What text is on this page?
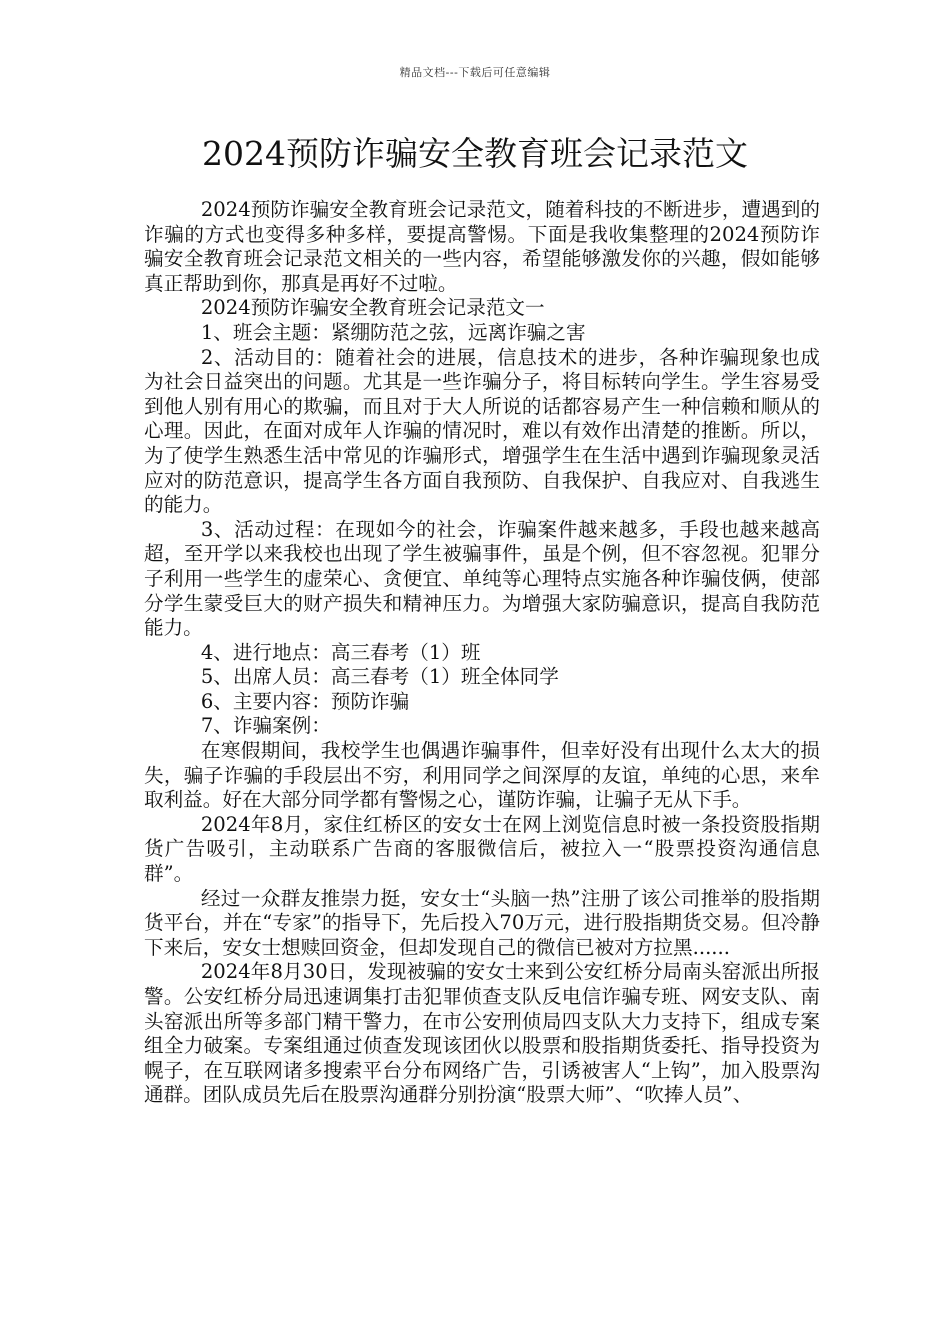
精品文档---下载后可任意编辑
2024预防诈骗安全教育班会记录范文

2024预防诈骗安全教育班会记录范文，随着科技的不断进步，遭遇到的诈骗的方式也变得多种多样，要提高警惕。下面是我收集整理的2024预防诈骗安全教育班会记录范文相关的一些内容，希望能够激发你的兴趣，假如能够真正帮助到你，那真是再好不过啦。

2024预防诈骗安全教育班会记录范文一

1、班会主题：紧绷防范之弦，远离诈骗之害

2、活动目的：随着社会的进展，信息技术的进步，各种诈骗现象也成为社会日益突出的问题。尤其是一些诈骗分子，将目标转向学生。学生容易受到他人别有用心的欺骗，而且对于大人所说的话都容易产生一种信赖和顺从的心理。因此，在面对成年人诈骗的情况时，难以有效作出清楚的推断。所以，为了使学生熟悉生活中常见的诈骗形式，增强学生在生活中遇到诈骗现象灵活应对的防范意识，提高学生各方面自我预防、自我保护、自我应对、自我逃生的能力。

3、活动过程：在现如今的社会，诈骗案件越来越多，手段也越来越高超，至开学以来我校也出现了学生被骗事件，虽是个例，但不容忽视。犯罪分子利用一些学生的虚荣心、贪便宜、单纯等心理特点实施各种诈骗伎俩，使部分学生蒙受巨大的财产损失和精神压力。为增强大家防骗意识，提高自我防范能力。

4、进行地点：高三春考（1）班

5、出席人员：高三春考（1）班全体同学

6、主要内容：预防诈骗

7、诈骗案例：

在寒假期间，我校学生也偶遇诈骗事件，但幸好没有出现什么太大的损失，骗子诈骗的手段层出不穷，利用同学之间深厚的友谊，单纯的心思，来牟取利益。好在大部分同学都有警惕之心，谨防诈骗，让骗子无从下手。

2024年8月，家住红桥区的安女士在网上浏览信息时被一条投资股指期货广告吸引，主动联系广告商的客服微信后，被拉入一“股票投资沟通信息群”。

经过一众群友推崇力挺，安女士“头脑一热”注册了该公司推举的股指期货平台，并在“专家”的指导下，先后投入70万元，进行股指期货交易。但冷静下来后，安女士想赎回资金，但却发现自己的微信已被对方拉黑......

2024年8月30日，发现被骗的安女士来到公安红桥分局南头窑派出所报警。公安红桥分局迅速调集打击犯罪侦查支队反电信诈骗专班、网安支队、南头窑派出所等多部门精干警力，在市公安刑侦局四支队大力支持下，组成专案组全力破案。专案组通过侦查发现该团伙以股票和股指期货委托、指导投资为幌子，在互联网诸多搜索平台分布网络广告，引诱被害人“上钩”，加入股票沟通群。团队成员先后在股票沟通群分别扮演“股票大师”、“吹捧人员”、
